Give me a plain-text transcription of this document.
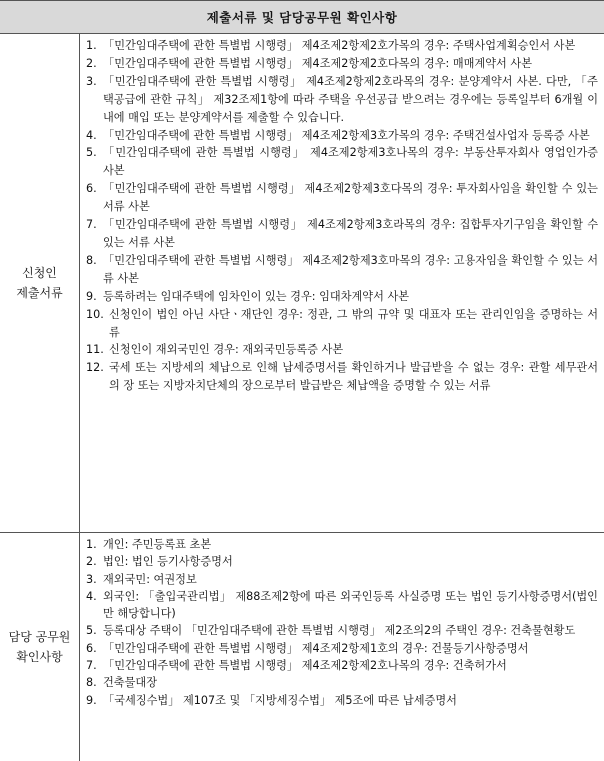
제출서류 및 담당공무원 확인사항
신청인
제출서류
1. 「민간임대주택에 관한 특별법 시행령」 제4조제2항제2호가목의 경우: 주택사업계획승인서 사본
2. 「민간임대주택에 관한 특별법 시행령」 제4조제2항제2호다목의 경우: 매매계약서 사본
3. 「민간임대주택에 관한 특별법 시행령」 제4조제2항제2호라목의 경우: 분양계약서 사본. 다만, 「주택공급에 관한 규칙」 제32조제1항에 따라 주택을 우선공급 받으려는 경우에는 등록일부터 6개월 이내에 매입 또는 분양계약서를 제출할 수 있습니다.
4. 「민간임대주택에 관한 특별법 시행령」 제4조제2항제3호가목의 경우: 주택건설사업자 등록증 사본
5. 「민간임대주택에 관한 특별법 시행령」 제4조제2항제3호나목의 경우: 부동산투자회사 영업인가증 사본
6. 「민간임대주택에 관한 특별법 시행령」 제4조제2항제3호다목의 경우: 투자회사임을 확인할 수 있는 서류 사본
7. 「민간임대주택에 관한 특별법 시행령」 제4조제2항제3호라목의 경우: 집합투자기구임을 확인할 수 있는 서류 사본
8. 「민간임대주택에 관한 특별법 시행령」 제4조제2항제3호마목의 경우: 고용자임을 확인할 수 있는 서류 사본
9. 등록하려는 임대주택에 임차인이 있는 경우: 임대차계약서 사본
10. 신청인이 법인 아닌 사단ㆍ재단인 경우: 정관, 그 밖의 규약 및 대표자 또는 관리인임을 증명하는 서류
11. 신청인이 재외국민인 경우: 재외국민등록증 사본
12. 국세 또는 지방세의 체납으로 인해 납세증명서를 확인하거나 발급받을 수 없는 경우: 관할 세무관서의 장 또는 지방자치단체의 장으로부터 발급받은 체납액을 증명할 수 있는 서류
담당 공무원
확인사항
1. 개인: 주민등록표 초본
2. 법인: 법인 등기사항증명서
3. 재외국민: 여권정보
4. 외국인: 「출입국관리법」 제88조제2항에 따른 외국인등록 사실증명 또는 법인 등기사항증명서(법인만 해당합니다)
5. 등록대상 주택이 「민간임대주택에 관한 특별법 시행령」 제2조의2의 주택인 경우: 건축물현황도
6. 「민간임대주택에 관한 특별법 시행령」 제4조제2항제1호의 경우: 건물등기사항증명서
7. 「민간임대주택에 관한 특별법 시행령」 제4조제2항제2호나목의 경우: 건축허가서
8. 건축물대장
9. 「국세징수법」 제107조 및 「지방세징수법」 제5조에 따른 납세증명서
